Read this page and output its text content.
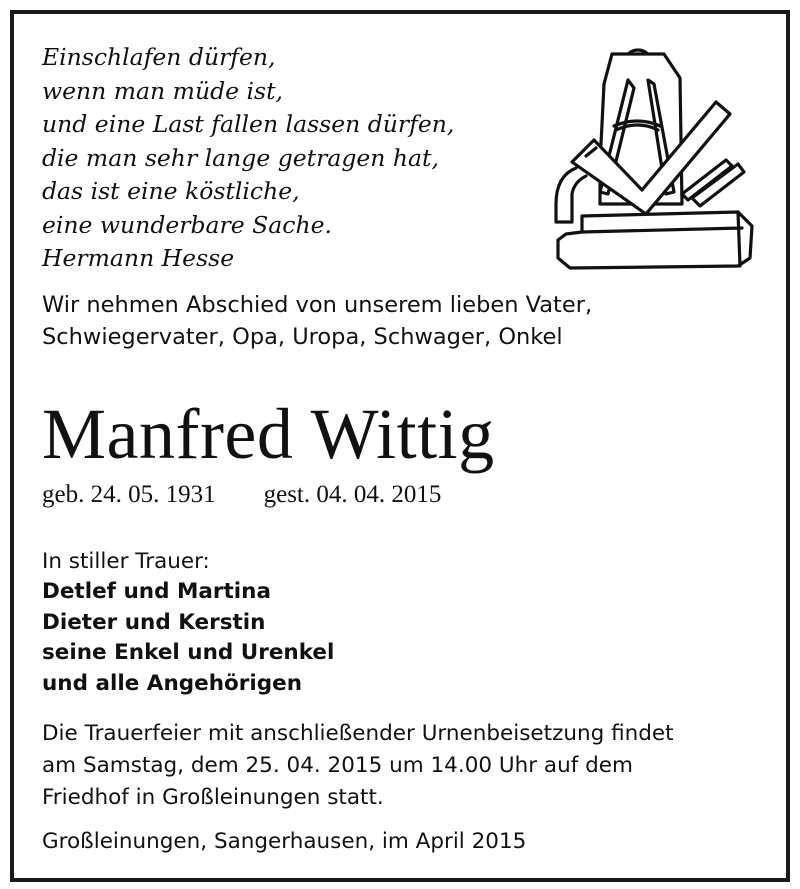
Einschlafen dürfen,
wenn man müde ist,
und eine Last fallen lassen dürfen,
die man sehr lange getragen hat,
das ist eine köstliche,
eine wunderbare Sache.
Hermann Hesse
Wir nehmen Abschied von unserem lieben Vater,
Schwiegervater, Opa, Uropa, Schwager, Onkel
Manfred Wittig
geb. 24. 05. 1931 gest. 04. 04. 2015
In stiller Trauer:
Detlef und Martina
Dieter und Kerstin
seine Enkel und Urenkel
und alle Angehörigen
Die Trauerfeier mit anschließender Urnenbeisetzung findet
am Samstag, dem 25. 04. 2015 um 14.00 Uhr auf dem
Friedhof in Großleinungen statt.
Großleinungen, Sangerhausen, im April 2015
